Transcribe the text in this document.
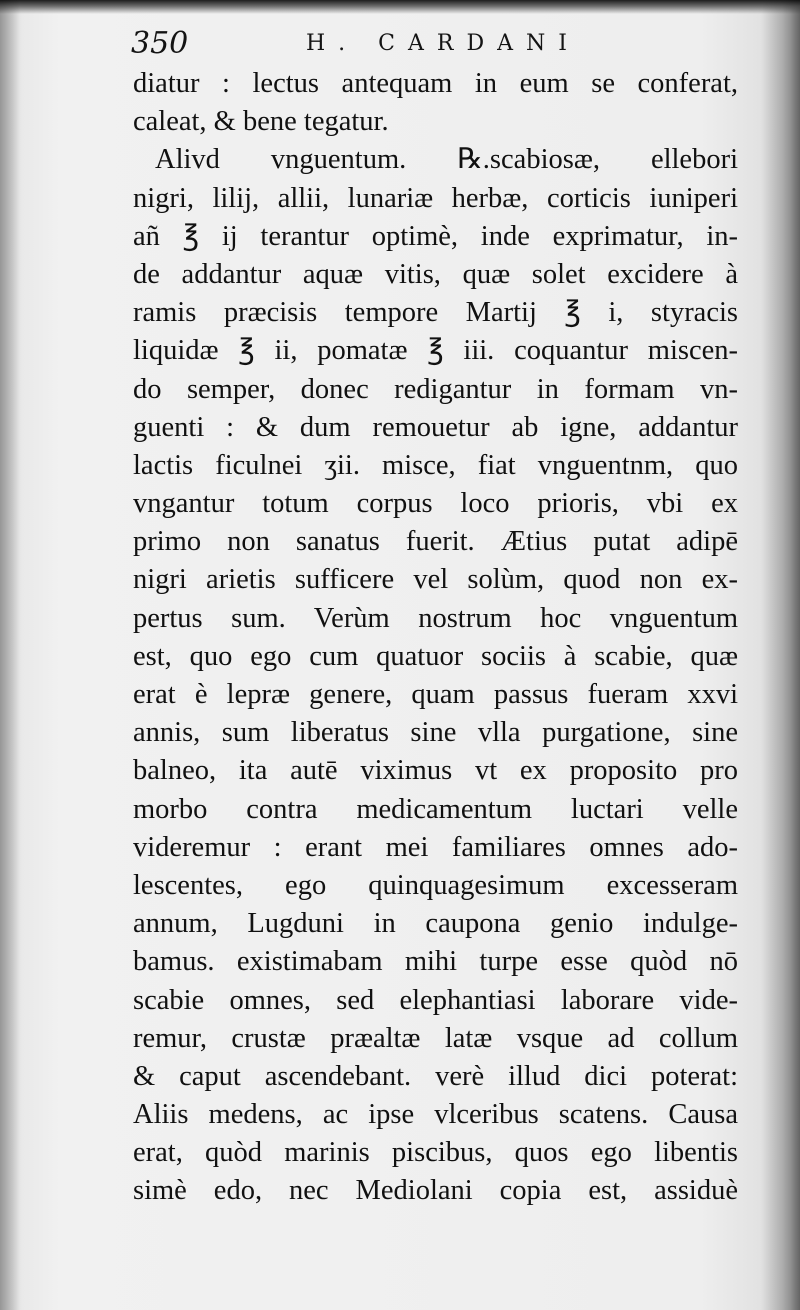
350	H. CARDANI
diatur : lectus antequam in eum se conferat,
caleat, & bene tegatur.
Alivd vnguentum. ℞.scabiosæ, ellebori
nigri, lilij, allii, lunariæ herbæ, corticis iuniperi
añ ℥ ij terantur optimè, inde exprimatur, in-
de addantur aquæ vitis, quæ solet excidere à
ramis præcisis tempore Martij ℥ i, styracis
liquidæ ℥ ii, pomatæ ℥ iii. coquantur miscen-
do semper, donec redigantur in formam vn-
guenti : & dum remouetur ab igne, addantur
lactis ficulnei ʒii. misce, fiat vnguentnm, quo
vngantur totum corpus loco prioris, vbi ex
primo non sanatus fuerit. Ætius putat adipē
nigri arietis sufficere vel solùm, quod non ex-
pertus sum. Verùm nostrum hoc vnguentum
est, quo ego cum quatuor sociis à scabie, quæ
erat è lepræ genere, quam passus fueram xxvi
annis, sum liberatus sine vlla purgatione, sine
balneo, ita autē viximus vt ex proposito pro
morbo contra medicamentum luctari velle
videremur : erant mei familiares omnes ado-
lescentes, ego quinquagesimum excesseram
annum, Lugduni in caupona genio indulge-
bamus. existimabam mihi turpe esse quòd nō
scabie omnes, sed elephantiasi laborare vide-
remur, crustæ præaltæ latæ vsque ad collum
& caput ascendebant. verè illud dici poterat:
Aliis medens, ac ipse vlceribus scatens. Causa
erat, quòd marinis piscibus, quos ego libentis
simè edo, nec Mediolani copia est, assiduè
